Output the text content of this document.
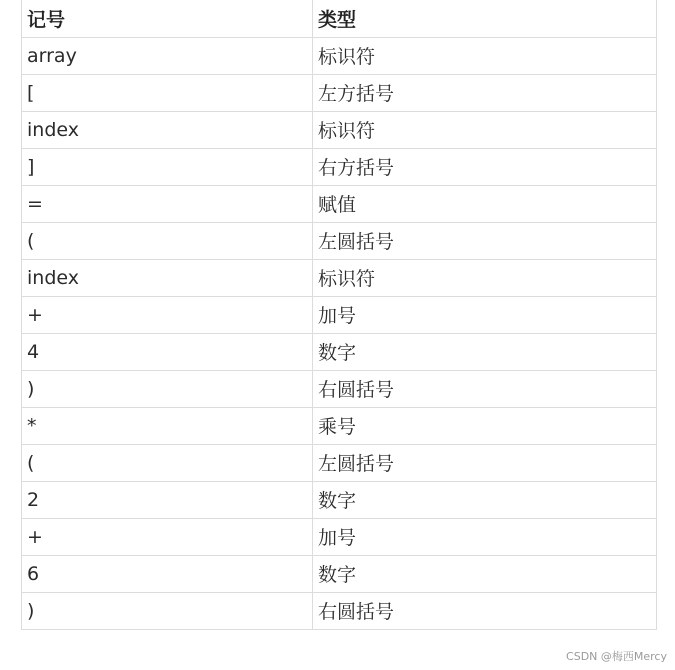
记号	类型
array	标识符
[	左方括号
index	标识符
]	右方括号
=	赋值
(	左圆括号
index	标识符
+	加号
4	数字
)	右圆括号
*	乘号
(	左圆括号
2	数字
+	加号
6	数字
)	右圆括号
CSDN @梅西Mercy
